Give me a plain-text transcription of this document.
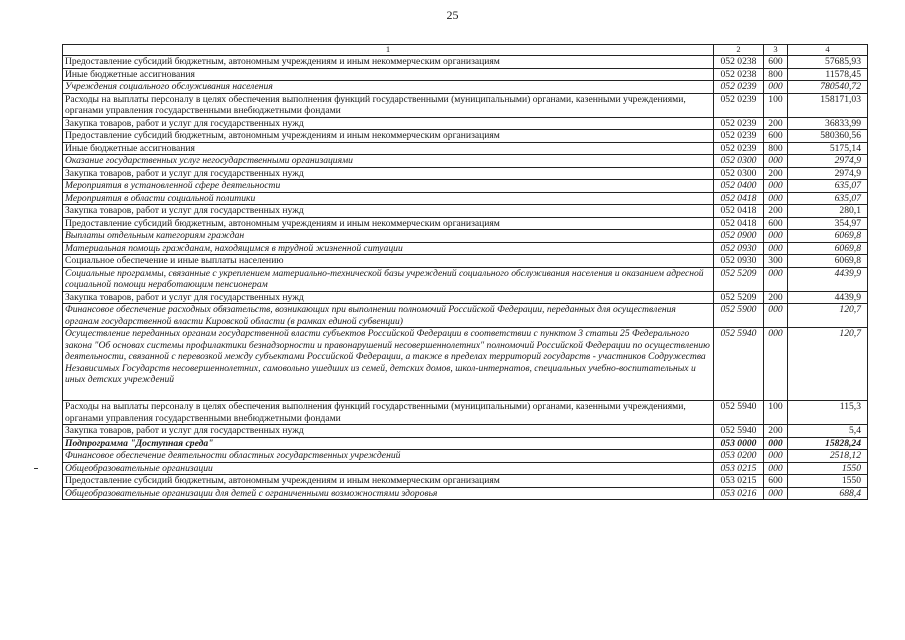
25
1	2	3	4
Предоставление субсидий бюджетным, автономным учреждениям и иным некоммерческим организациям	052 0238	600	57685,93
Иные бюджетные ассигнования	052 0238	800	11578,45
Учреждения социального обслуживания населения	052 0239	000	780540,72
Расходы на выплаты персоналу в целях обеспечения выполнения функций государственными (муниципальными) органами, казенными учреждениями, органами управления государственными внебюджетными фондами	052 0239	100	158171,03
Закупка товаров, работ и услуг для государственных нужд	052 0239	200	36833,99
Предоставление субсидий бюджетным, автономным учреждениям и иным некоммерческим организациям	052 0239	600	580360,56
Иные бюджетные ассигнования	052 0239	800	5175,14
Оказание государственных услуг негосударственными организациями	052 0300	000	2974,9
Закупка товаров, работ и услуг для государственных нужд	052 0300	200	2974,9
Мероприятия в установленной сфере деятельности	052 0400	000	635,07
Мероприятия в области социальной политики	052 0418	000	635,07
Закупка товаров, работ и услуг для государственных нужд	052 0418	200	280,1
Предоставление субсидий бюджетным, автономным учреждениям и иным некоммерческим организациям	052 0418	600	354,97
Выплаты отдельным категориям граждан	052 0900	000	6069,8
Материальная помощь гражданам, находящимся в трудной жизненной ситуации	052 0930	000	6069,8
Социальное обеспечение и иные выплаты населению	052 0930	300	6069,8
Социальные программы, связанные с укреплением материально-технической базы учреждений социального обслуживания населения и оказанием адресной социальной помощи неработающим пенсионерам	052 5209	000	4439,9
Закупка товаров, работ и услуг для государственных нужд	052 5209	200	4439,9
Финансовое обеспечение расходных обязательств, возникающих при выполнении полномочий Российской Федерации, переданных для осуществления органам государственной власти Кировской области (в рамках единой субвенции)	052 5900	000	120,7
Осуществление переданных органам государственной власти субъектов Российской Федерации в соответствии с пунктом 3 статьи 25 Федерального закона "Об основах системы профилактики безнадзорности и правонарушений несовершеннолетних" полномочий Российской Федерации по осуществлению деятельности, связанной с перевозкой между субъектами Российской Федерации, а также в пределах территорий государств - участников Содружества Независимых Государств несовершеннолетних, самовольно ушедших из семей, детских домов, школ-интернатов, специальных учебно-воспитательных и иных детских учреждений	052 5940	000	120,7
Расходы на выплаты персоналу в целях обеспечения выполнения функций государственными (муниципальными) органами, казенными учреждениями, органами управления государственными внебюджетными фондами	052 5940	100	115,3
Закупка товаров, работ и услуг для государственных нужд	052 5940	200	5,4
Подпрограмма "Доступная среда"	053 0000	000	15828,24
Финансовое обеспечение деятельности областных государственных учреждений	053 0200	000	2518,12
Общеобразовательные организации	053 0215	000	1550
Предоставление субсидий бюджетным, автономным учреждениям и иным некоммерческим организациям	053 0215	600	1550
Общеобразовательные организации для детей с ограниченными возможностями здоровья	053 0216	000	688,4
